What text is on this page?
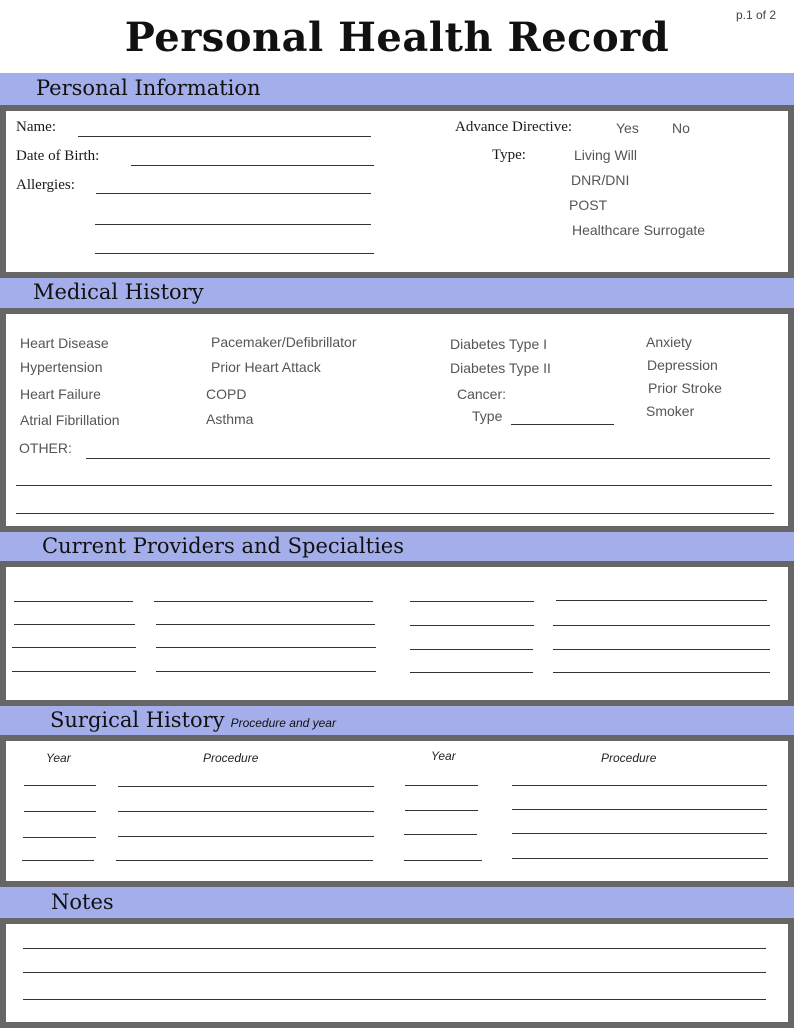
Personal Health Record	p.1 of 2
Personal Information
Name:
Date of Birth:
Allergies:
Advance Directive:	Yes No
Type:	Living Will
DNR/DNI
POST
Healthcare Surrogate
Medical History
Heart Disease
Hypertension
Heart Failure
Atrial Fibrillation
Pacemaker/Defibrillator
Prior Heart Attack
COPD
Asthma
Diabetes Type I
Diabetes Type II
Cancer:
Type
Anxiety
Depression
Prior Stroke
Smoker
OTHER:
Current Providers and Specialties
Surgical History Procedure and year
Year	Procedure	Year	Procedure
Notes
